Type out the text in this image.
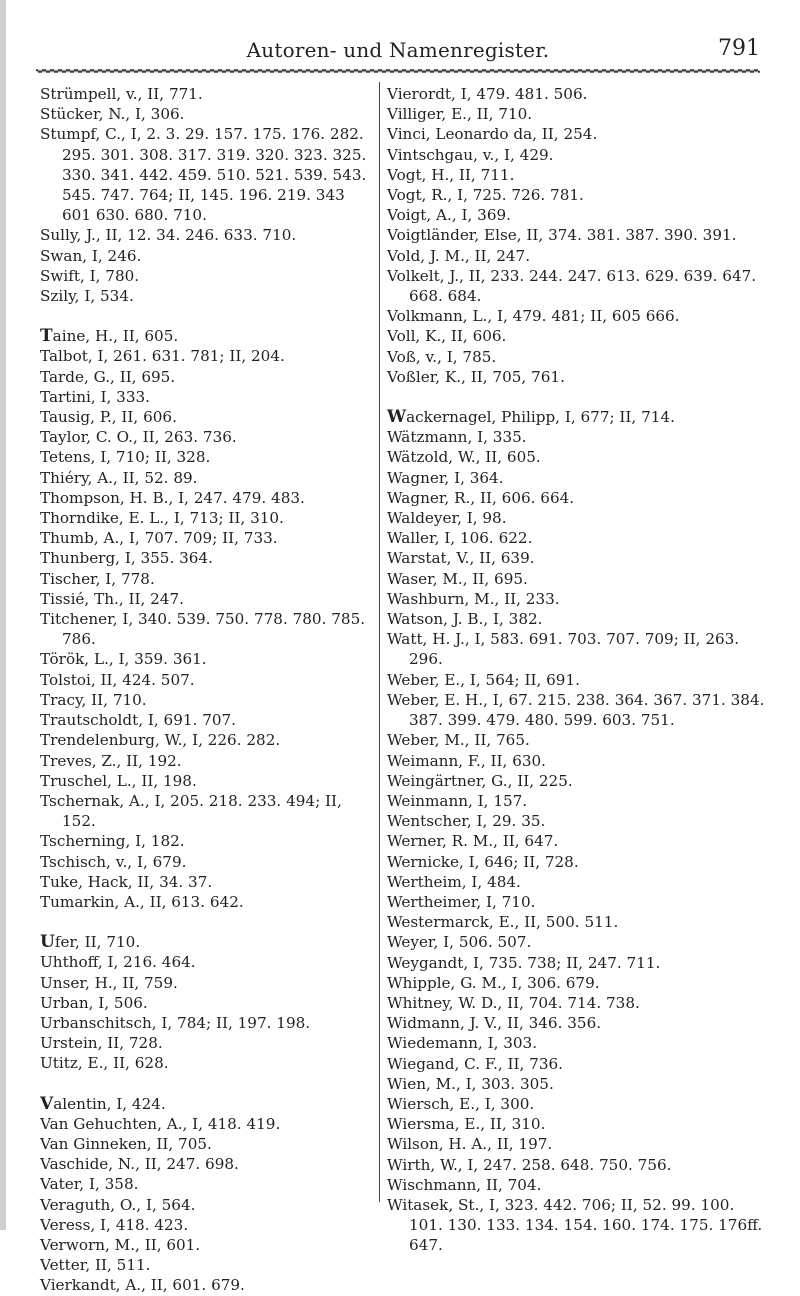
Autoren- und Namenregister.	791
Strümpell, v., II, 771.
Stücker, N., I, 306.
Stumpf, C., I, 2. 3. 29. 157. 175. 176. 282. 295. 301. 308. 317. 319. 320. 323. 325. 330. 341. 442. 459. 510. 521. 539. 543. 545. 747. 764; II, 145. 196. 219. 343 601 630. 680. 710.
Sully, J., II, 12. 34. 246. 633. 710.
Swan, I, 246.
Swift, I, 780.
Szily, I, 534.
Taine, H., II, 605.
Talbot, I, 261. 631. 781; II, 204.
Tarde, G., II, 695.
Tartini, I, 333.
Tausig, P., II, 606.
Taylor, C. O., II, 263. 736.
Tetens, I, 710; II, 328.
Thiéry, A., II, 52. 89.
Thompson, H. B., I, 247. 479. 483.
Thorndike, E. L., I, 713; II, 310.
Thumb, A., I, 707. 709; II, 733.
Thunberg, I, 355. 364.
Tischer, I, 778.
Tissié, Th., II, 247.
Titchener, I, 340. 539. 750. 778. 780. 785. 786.
Török, L., I, 359. 361.
Tolstoi, II, 424. 507.
Tracy, II, 710.
Trautscholdt, I, 691. 707.
Trendelenburg, W., I, 226. 282.
Treves, Z., II, 192.
Truschel, L., II, 198.
Tschernak, A., I, 205. 218. 233. 494; II, 152.
Tscherning, I, 182.
Tschisch, v., I, 679.
Tuke, Hack, II, 34. 37.
Tumarkin, A., II, 613. 642.
Ufer, II, 710.
Uhthoff, I, 216. 464.
Unser, H., II, 759.
Urban, I, 506.
Urbanschitsch, I, 784; II, 197. 198.
Urstein, II, 728.
Utitz, E., II, 628.
Valentin, I, 424.
Van Gehuchten, A., I, 418. 419.
Van Ginneken, II, 705.
Vaschide, N., II, 247. 698.
Vater, I, 358.
Veraguth, O., I, 564.
Veress, I, 418. 423.
Verworn, M., II, 601.
Vetter, II, 511.
Vierkandt, A., II, 601. 679.
Vierordt, I, 479. 481. 506.
Villiger, E., II, 710.
Vinci, Leonardo da, II, 254.
Vintschgau, v., I, 429.
Vogt, H., II, 711.
Vogt, R., I, 725. 726. 781.
Voigt, A., I, 369.
Voigtländer, Else, II, 374. 381. 387. 390. 391.
Vold, J. M., II, 247.
Volkelt, J., II, 233. 244. 247. 613. 629. 639. 647. 668. 684.
Volkmann, L., I, 479. 481; II, 605 666.
Voll, K., II, 606.
Voß, v., I, 785.
Voßler, K., II, 705, 761.
Wackernagel, Philipp, I, 677; II, 714.
Wätzmann, I, 335.
Wätzold, W., II, 605.
Wagner, I, 364.
Wagner, R., II, 606. 664.
Waldeyer, I, 98.
Waller, I, 106. 622.
Warstat, V., II, 639.
Waser, M., II, 695.
Washburn, M., II, 233.
Watson, J. B., I, 382.
Watt, H. J., I, 583. 691. 703. 707. 709; II, 263. 296.
Weber, E., I, 564; II, 691.
Weber, E. H., I, 67. 215. 238. 364. 367. 371. 384. 387. 399. 479. 480. 599. 603. 751.
Weber, M., II, 765.
Weimann, F., II, 630.
Weingärtner, G., II, 225.
Weinmann, I, 157.
Wentscher, I, 29. 35.
Werner, R. M., II, 647.
Wernicke, I, 646; II, 728.
Wertheim, I, 484.
Wertheimer, I, 710.
Westermarck, E., II, 500. 511.
Weyer, I, 506. 507.
Weygandt, I, 735. 738; II, 247. 711.
Whipple, G. M., I, 306. 679.
Whitney, W. D., II, 704. 714. 738.
Widmann, J. V., II, 346. 356.
Wiedemann, I, 303.
Wiegand, C. F., II, 736.
Wien, M., I, 303. 305.
Wiersch, E., I, 300.
Wiersma, E., II, 310.
Wilson, H. A., II, 197.
Wirth, W., I, 247. 258. 648. 750. 756.
Wischmann, II, 704.
Witasek, St., I, 323. 442. 706; II, 52. 99. 100. 101. 130. 133. 134. 154. 160. 174. 175. 176ff. 647.
